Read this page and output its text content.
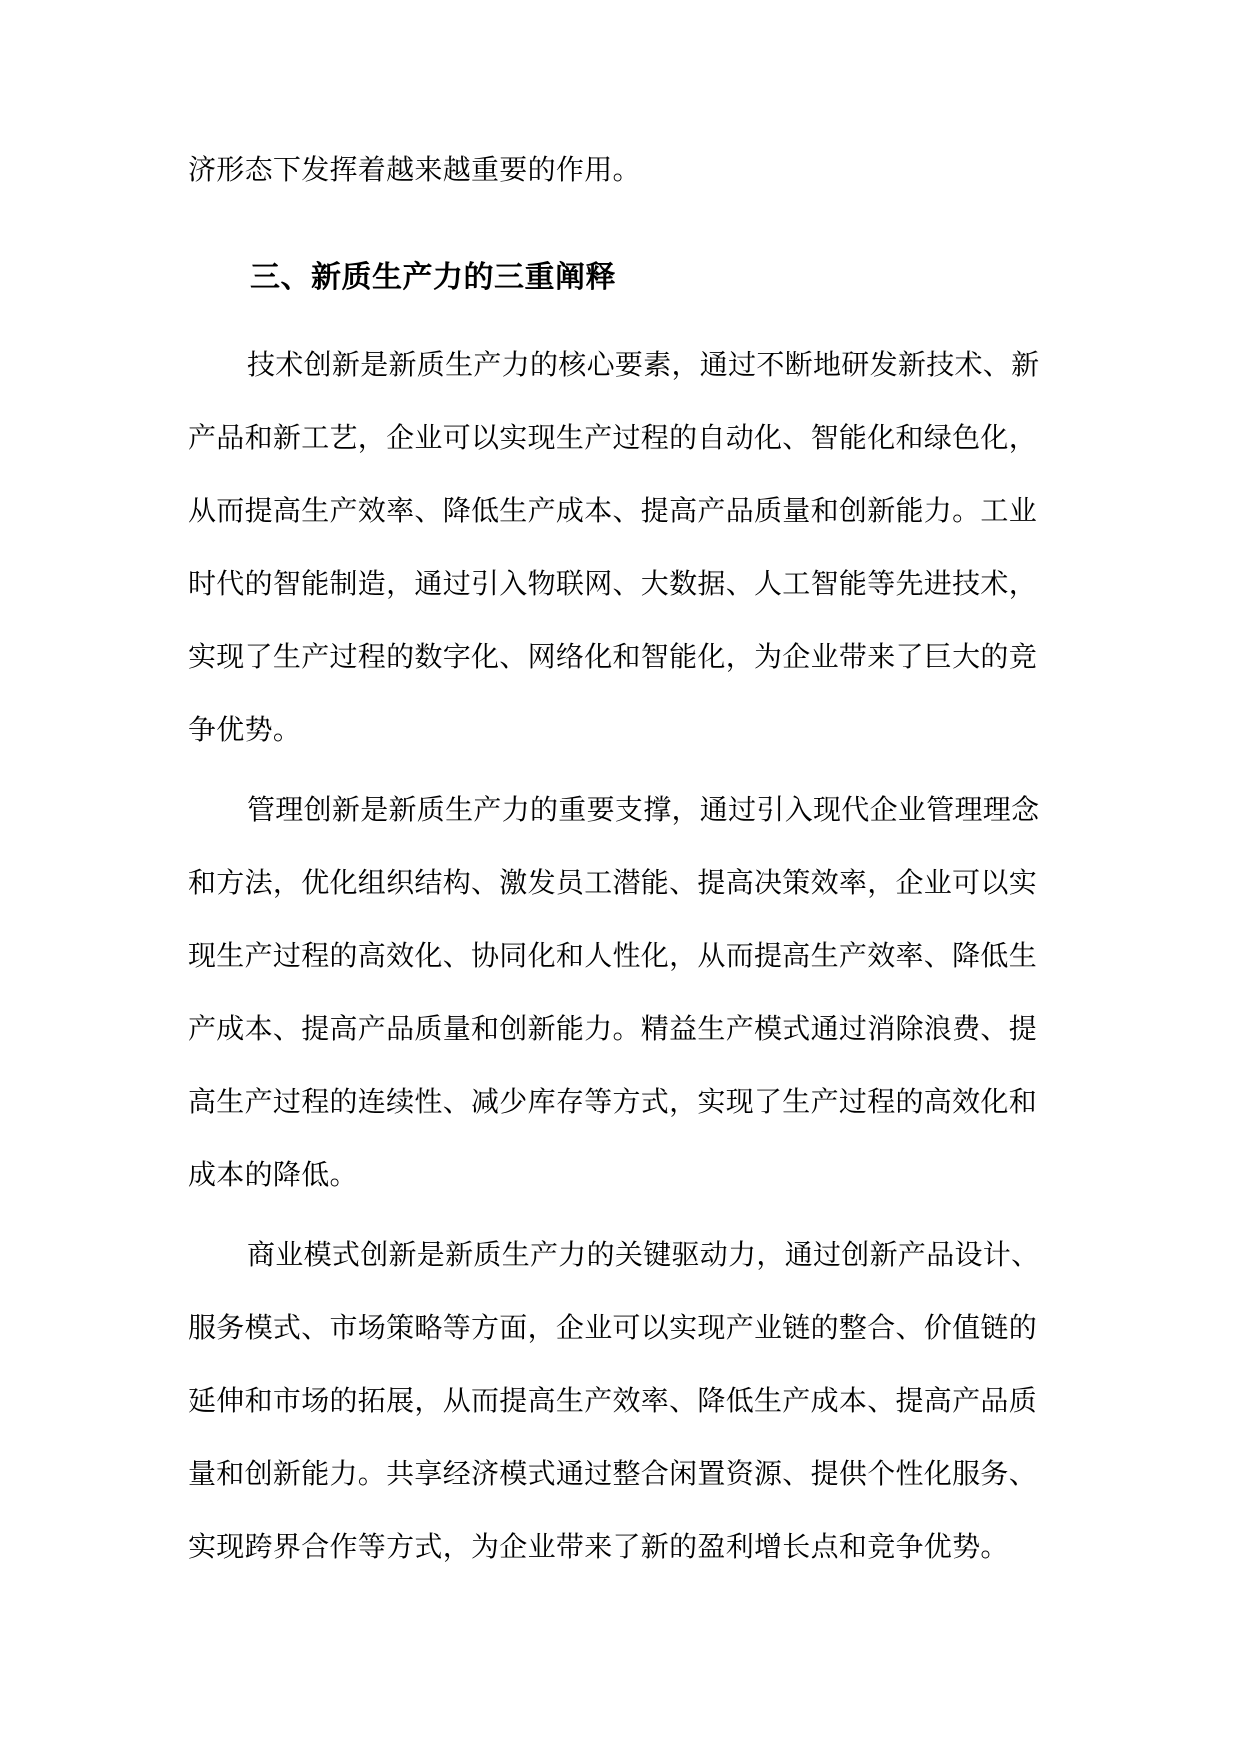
济形态下发挥着越来越重要的作用。

三、新质生产力的三重阐释

技术创新是新质生产力的核心要素，通过不断地研发新技术、新

产品和新工艺，企业可以实现生产过程的自动化、智能化和绿色化，

从而提高生产效率、降低生产成本、提高产品质量和创新能力。工业

时代的智能制造，通过引入物联网、大数据、人工智能等先进技术，

实现了生产过程的数字化、网络化和智能化，为企业带来了巨大的竞

争优势。

管理创新是新质生产力的重要支撑，通过引入现代企业管理理念

和方法，优化组织结构、激发员工潜能、提高决策效率，企业可以实

现生产过程的高效化、协同化和人性化，从而提高生产效率、降低生

产成本、提高产品质量和创新能力。精益生产模式通过消除浪费、提

高生产过程的连续性、减少库存等方式，实现了生产过程的高效化和

成本的降低。

商业模式创新是新质生产力的关键驱动力，通过创新产品设计、

服务模式、市场策略等方面，企业可以实现产业链的整合、价值链的

延伸和市场的拓展，从而提高生产效率、降低生产成本、提高产品质

量和创新能力。共享经济模式通过整合闲置资源、提供个性化服务、

实现跨界合作等方式，为企业带来了新的盈利增长点和竞争优势。
